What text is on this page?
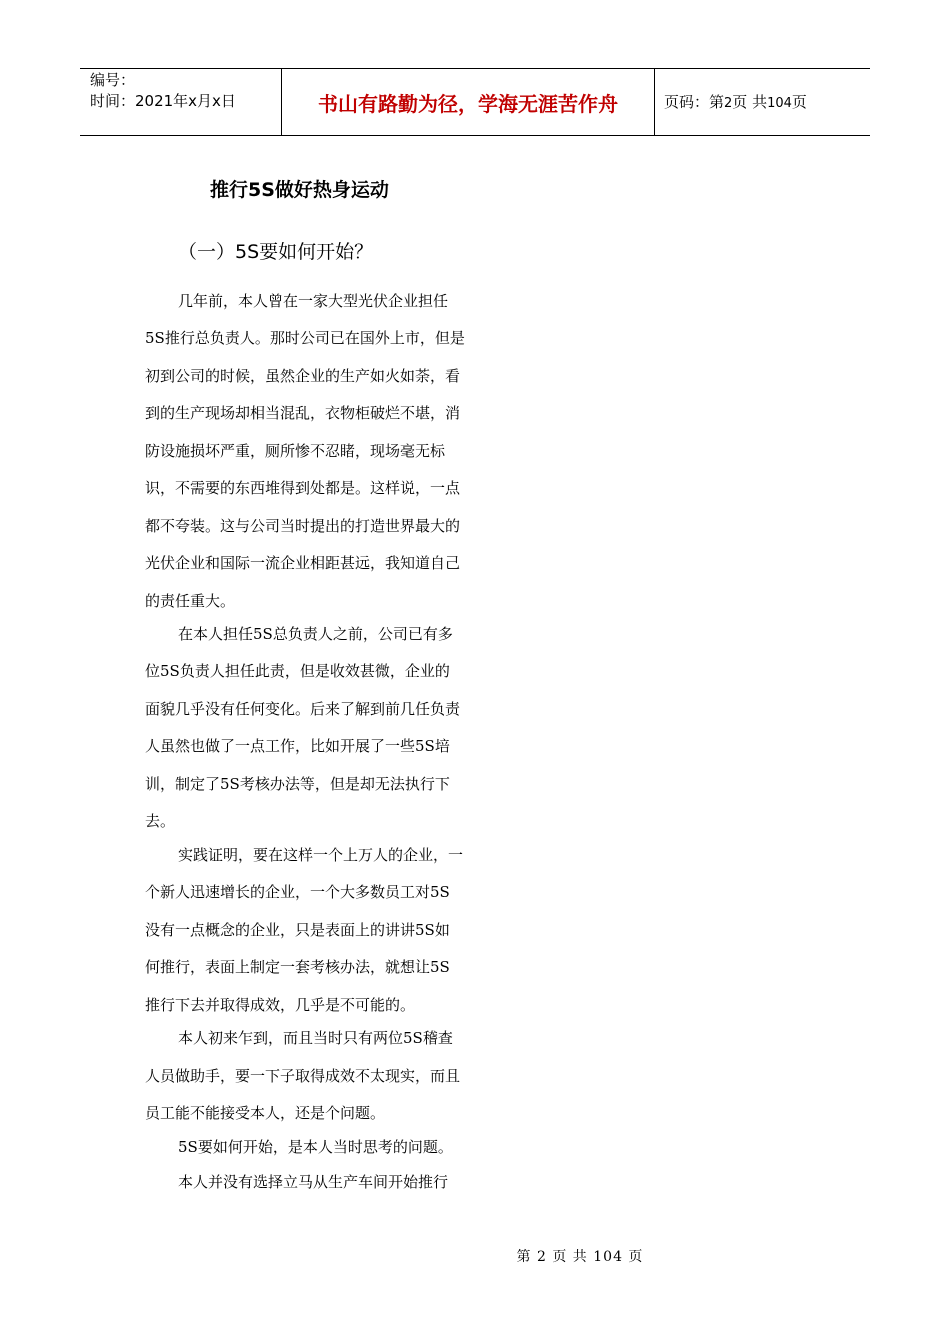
编号：
时间：2021年x月x日	书山有路勤为径，学海无涯苦作舟	页码：第2页 共104页
推行5S做好热身运动
（一）5S要如何开始？
几年前，本人曾在一家大型光伏企业担任
5S推行总负责人。那时公司已在国外上市，但是
初到公司的时候，虽然企业的生产如火如荼，看
到的生产现场却相当混乱，衣物柜破烂不堪，消
防设施损坏严重，厕所惨不忍睹，现场毫无标
识，不需要的东西堆得到处都是。这样说，一点
都不夸装。这与公司当时提出的打造世界最大的
光伏企业和国际一流企业相距甚远，我知道自己
的责任重大。
在本人担任5S总负责人之前，公司已有多
位5S负责人担任此责，但是收效甚微，企业的
面貌几乎没有任何变化。后来了解到前几任负责
人虽然也做了一点工作，比如开展了一些5S培
训，制定了5S考核办法等，但是却无法执行下
去。
实践证明，要在这样一个上万人的企业，一
个新人迅速增长的企业，一个大多数员工对5S
没有一点概念的企业，只是表面上的讲讲5S如
何推行，表面上制定一套考核办法，就想让5S
推行下去并取得成效，几乎是不可能的。
本人初来乍到，而且当时只有两位5S稽查
人员做助手，要一下子取得成效不太现实，而且
员工能不能接受本人，还是个问题。
5S要如何开始，是本人当时思考的问题。
本人并没有选择立马从生产车间开始推行
第 2 页 共 104 页
